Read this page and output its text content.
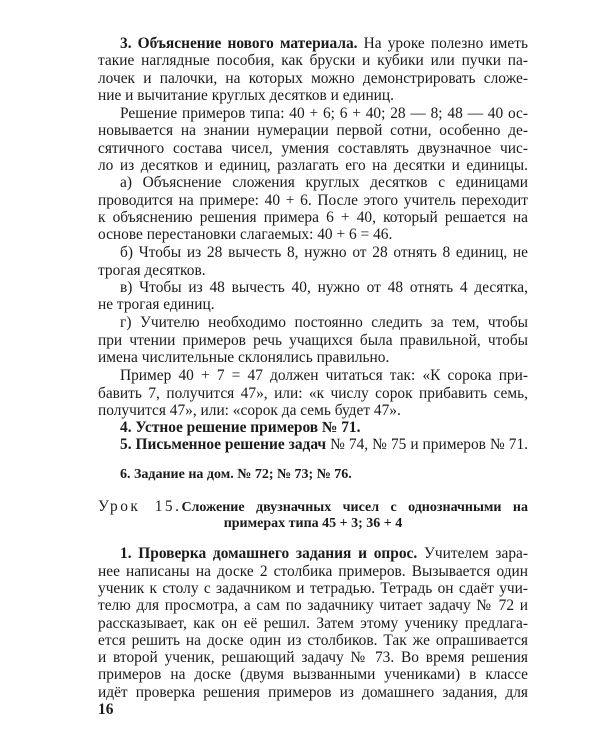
3. Объяснение нового материала. На уроке полезно иметь
такие наглядные пособия, как бруски и кубики или пучки па-
лочек и палочки, на которых можно демонстрировать сложе-
ние и вычитание круглых десятков и единиц.
Решение примеров типа: 40 + 6; 6 + 40; 28 — 8; 48 — 40 ос-
новывается на знании нумерации первой сотни, особенно де-
сятичного состава чисел, умения составлять двузначное чис-
ло из десятков и единиц, разлагать его на десятки и единицы.
а) Объяснение сложения круглых десятков с единицами
проводится на примере: 40 + 6. После этого учитель переходит
к объяснению решения примера 6 + 40, который решается на
основе перестановки слагаемых: 40 + 6 = 46.
б) Чтобы из 28 вычесть 8, нужно от 28 отнять 8 единиц, не
трогая десятков.
в) Чтобы из 48 вычесть 40, нужно от 48 отнять 4 десятка,
не трогая единиц.
г) Учителю необходимо постоянно следить за тем, чтобы
при чтении примеров речь учащихся была правильной, чтобы
имена числительные склонялись правильно.
Пример 40 + 7 = 47 должен читаться так: «К сорока при-
бавить 7, получится 47», или: «к числу сорок прибавить семь,
получится 47», или: «сорок да семь будет 47».
4. Устное решение примеров № 71.
5. Письменное решение задач № 74, № 75 и примеров № 71.
6. Задание на дом. № 72; № 73; № 76.
Урок 15.Сложение двузначных чисел с однозначными на
примерах типа 45 + 3; 36 + 4
1. Проверка домашнего задания и опрос. Учителем зара-
нее написаны на доске 2 столбика примеров. Вызывается один
ученик к столу с задачником и тетрадью. Тетрадь он сдаёт учи-
телю для просмотра, а сам по задачнику читает задачу № 72 и
рассказывает, как он её решил. Затем этому ученику предлага-
ется решить на доске один из столбиков. Так же опрашивается
и второй ученик, решающий задачу № 73. Во время решения
примеров на доске (двумя вызванными учениками) в классе
идёт проверка решения примеров из домашнего задания, для
16
